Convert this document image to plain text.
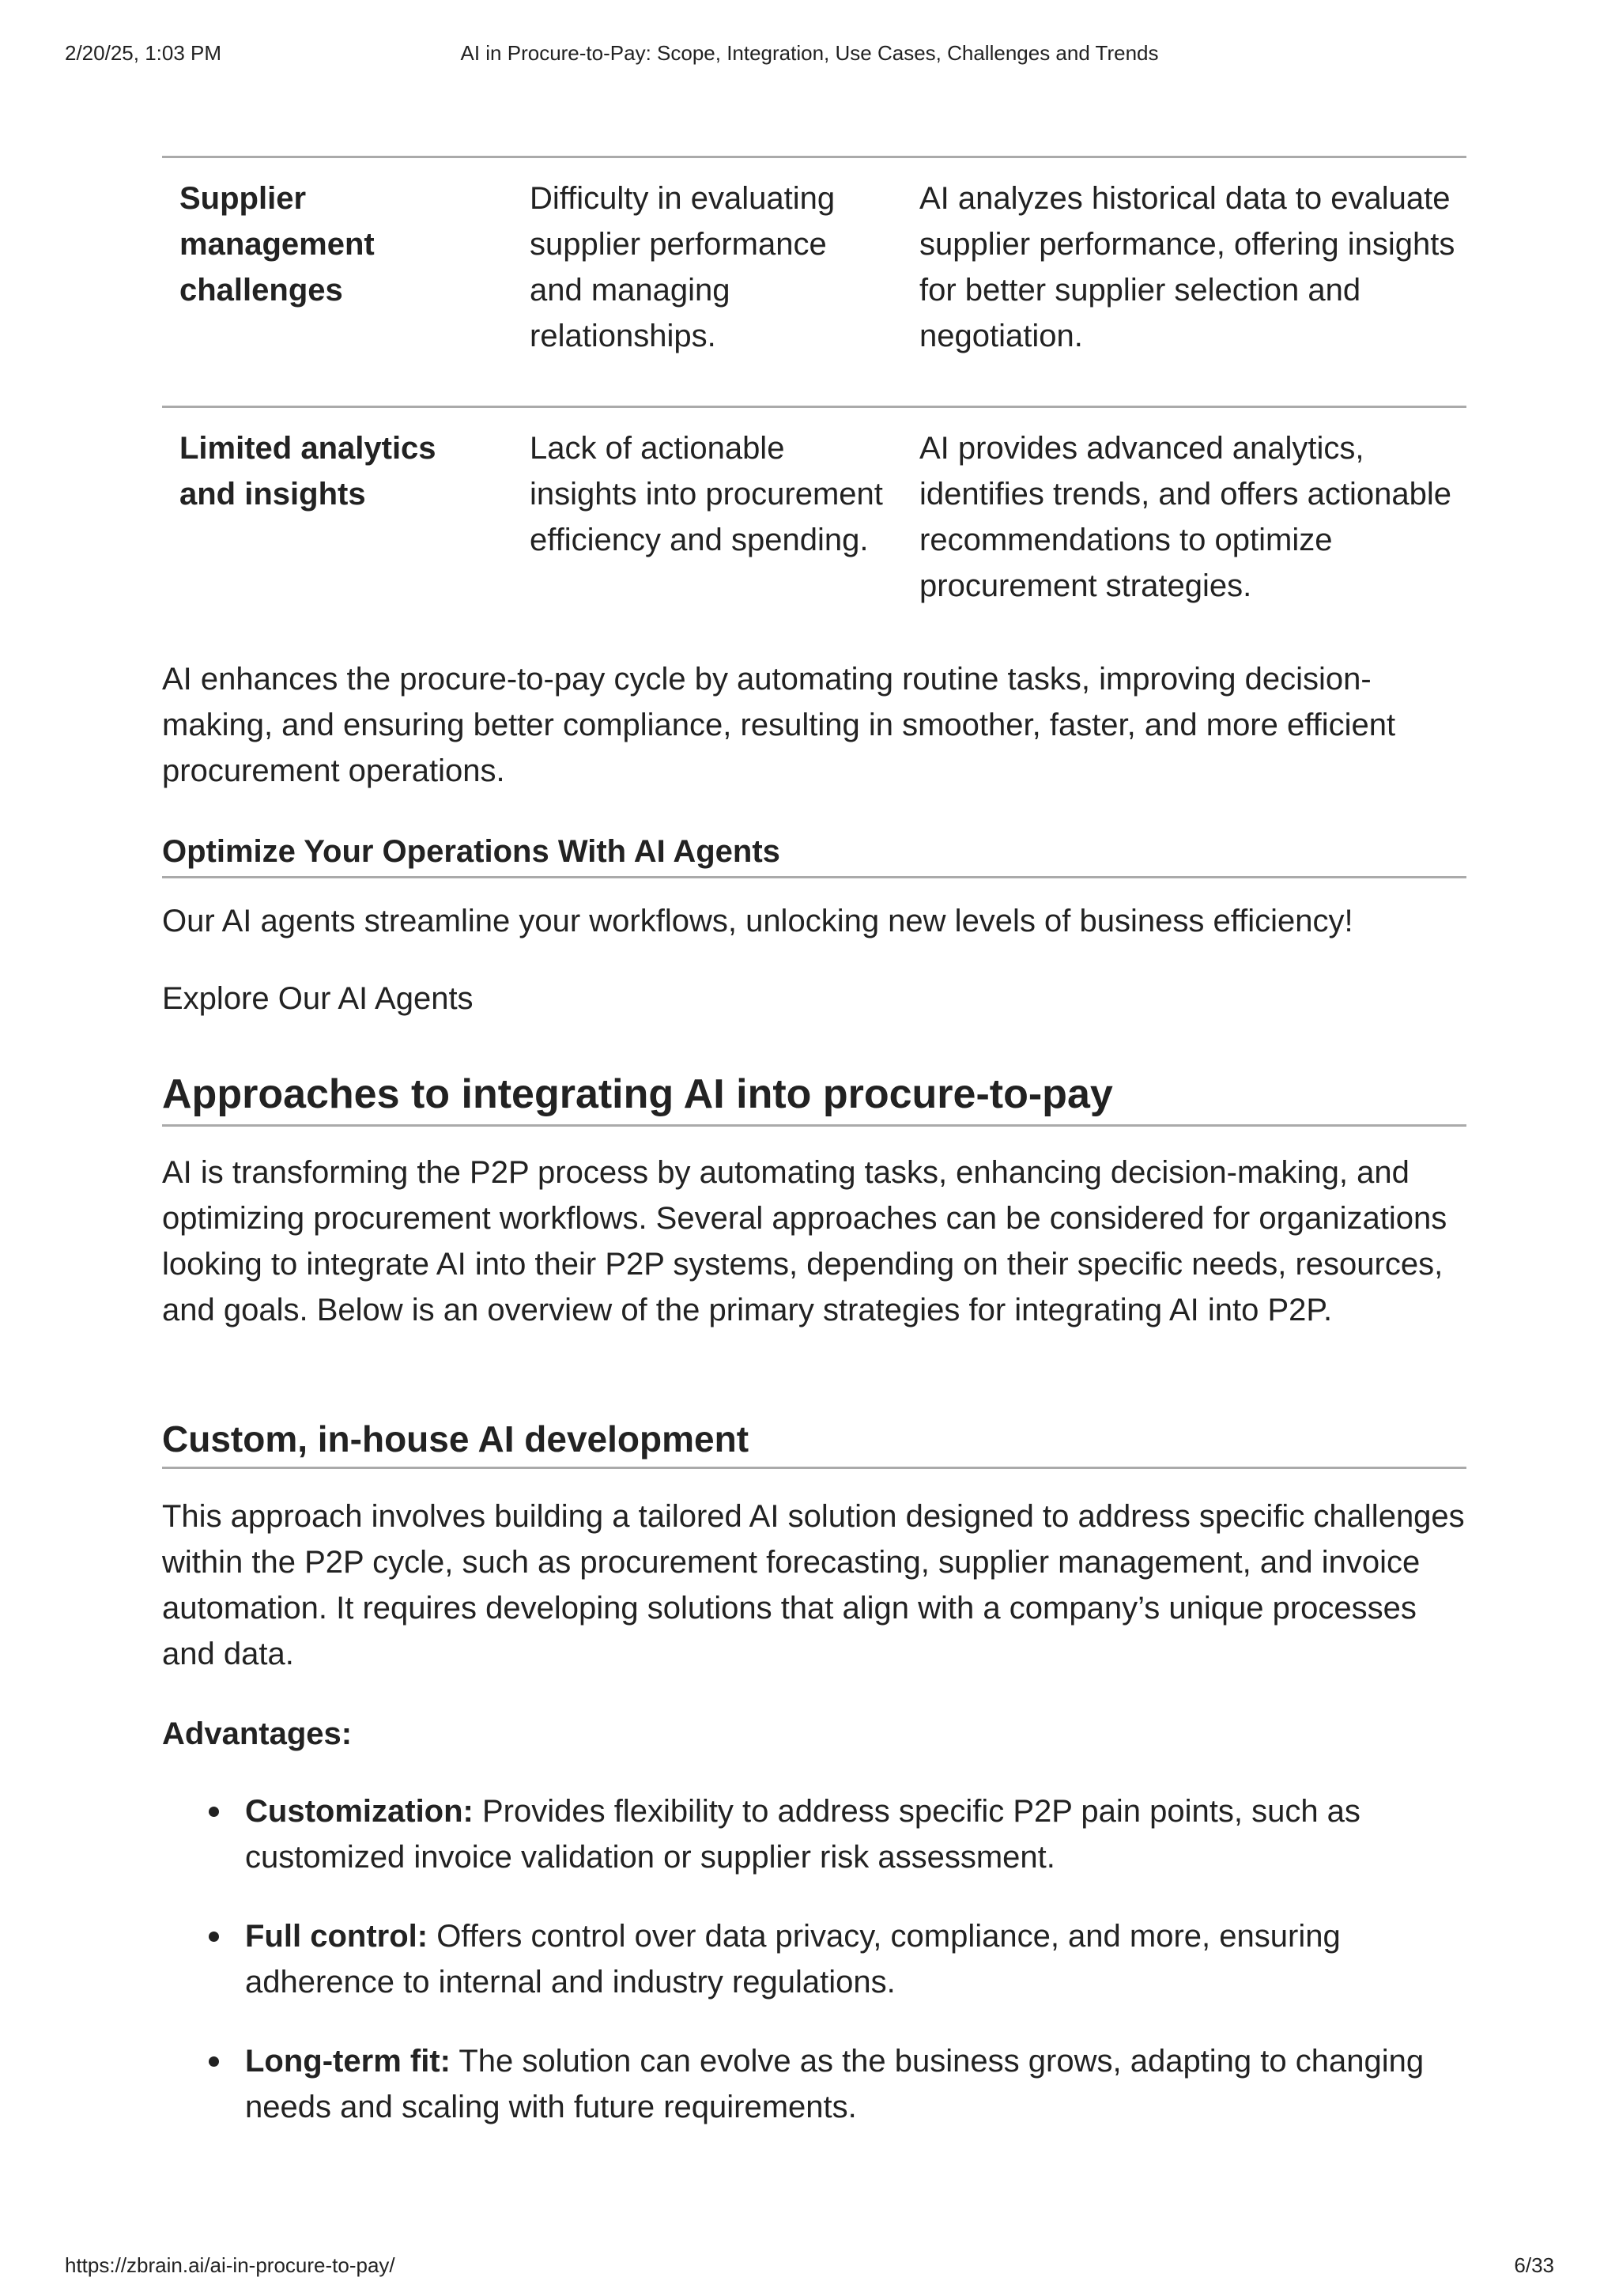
2/20/25, 1:03 PM	AI in Procure-to-Pay: Scope, Integration, Use Cases, Challenges and Trends
Supplier management challenges
Difficulty in evaluating supplier performance and managing relationships.
AI analyzes historical data to evaluate supplier performance, offering insights for better supplier selection and negotiation.
Limited analytics and insights
Lack of actionable insights into procurement efficiency and spending.
AI provides advanced analytics, identifies trends, and offers actionable recommendations to optimize procurement strategies.
AI enhances the procure-to-pay cycle by automating routine tasks, improving decision-making, and ensuring better compliance, resulting in smoother, faster, and more efficient procurement operations.
Optimize Your Operations With AI Agents
Our AI agents streamline your workflows, unlocking new levels of business efficiency!
Explore Our AI Agents
Approaches to integrating AI into procure-to-pay
AI is transforming the P2P process by automating tasks, enhancing decision-making, and optimizing procurement workflows. Several approaches can be considered for organizations looking to integrate AI into their P2P systems, depending on their specific needs, resources, and goals. Below is an overview of the primary strategies for integrating AI into P2P.
Custom, in-house AI development
This approach involves building a tailored AI solution designed to address specific challenges within the P2P cycle, such as procurement forecasting, supplier management, and invoice automation. It requires developing solutions that align with a company’s unique processes and data.
Advantages:
Customization: Provides flexibility to address specific P2P pain points, such as customized invoice validation or supplier risk assessment.
Full control: Offers control over data privacy, compliance, and more, ensuring adherence to internal and industry regulations.
Long-term fit: The solution can evolve as the business grows, adapting to changing needs and scaling with future requirements.
https://zbrain.ai/ai-in-procure-to-pay/	6/33
